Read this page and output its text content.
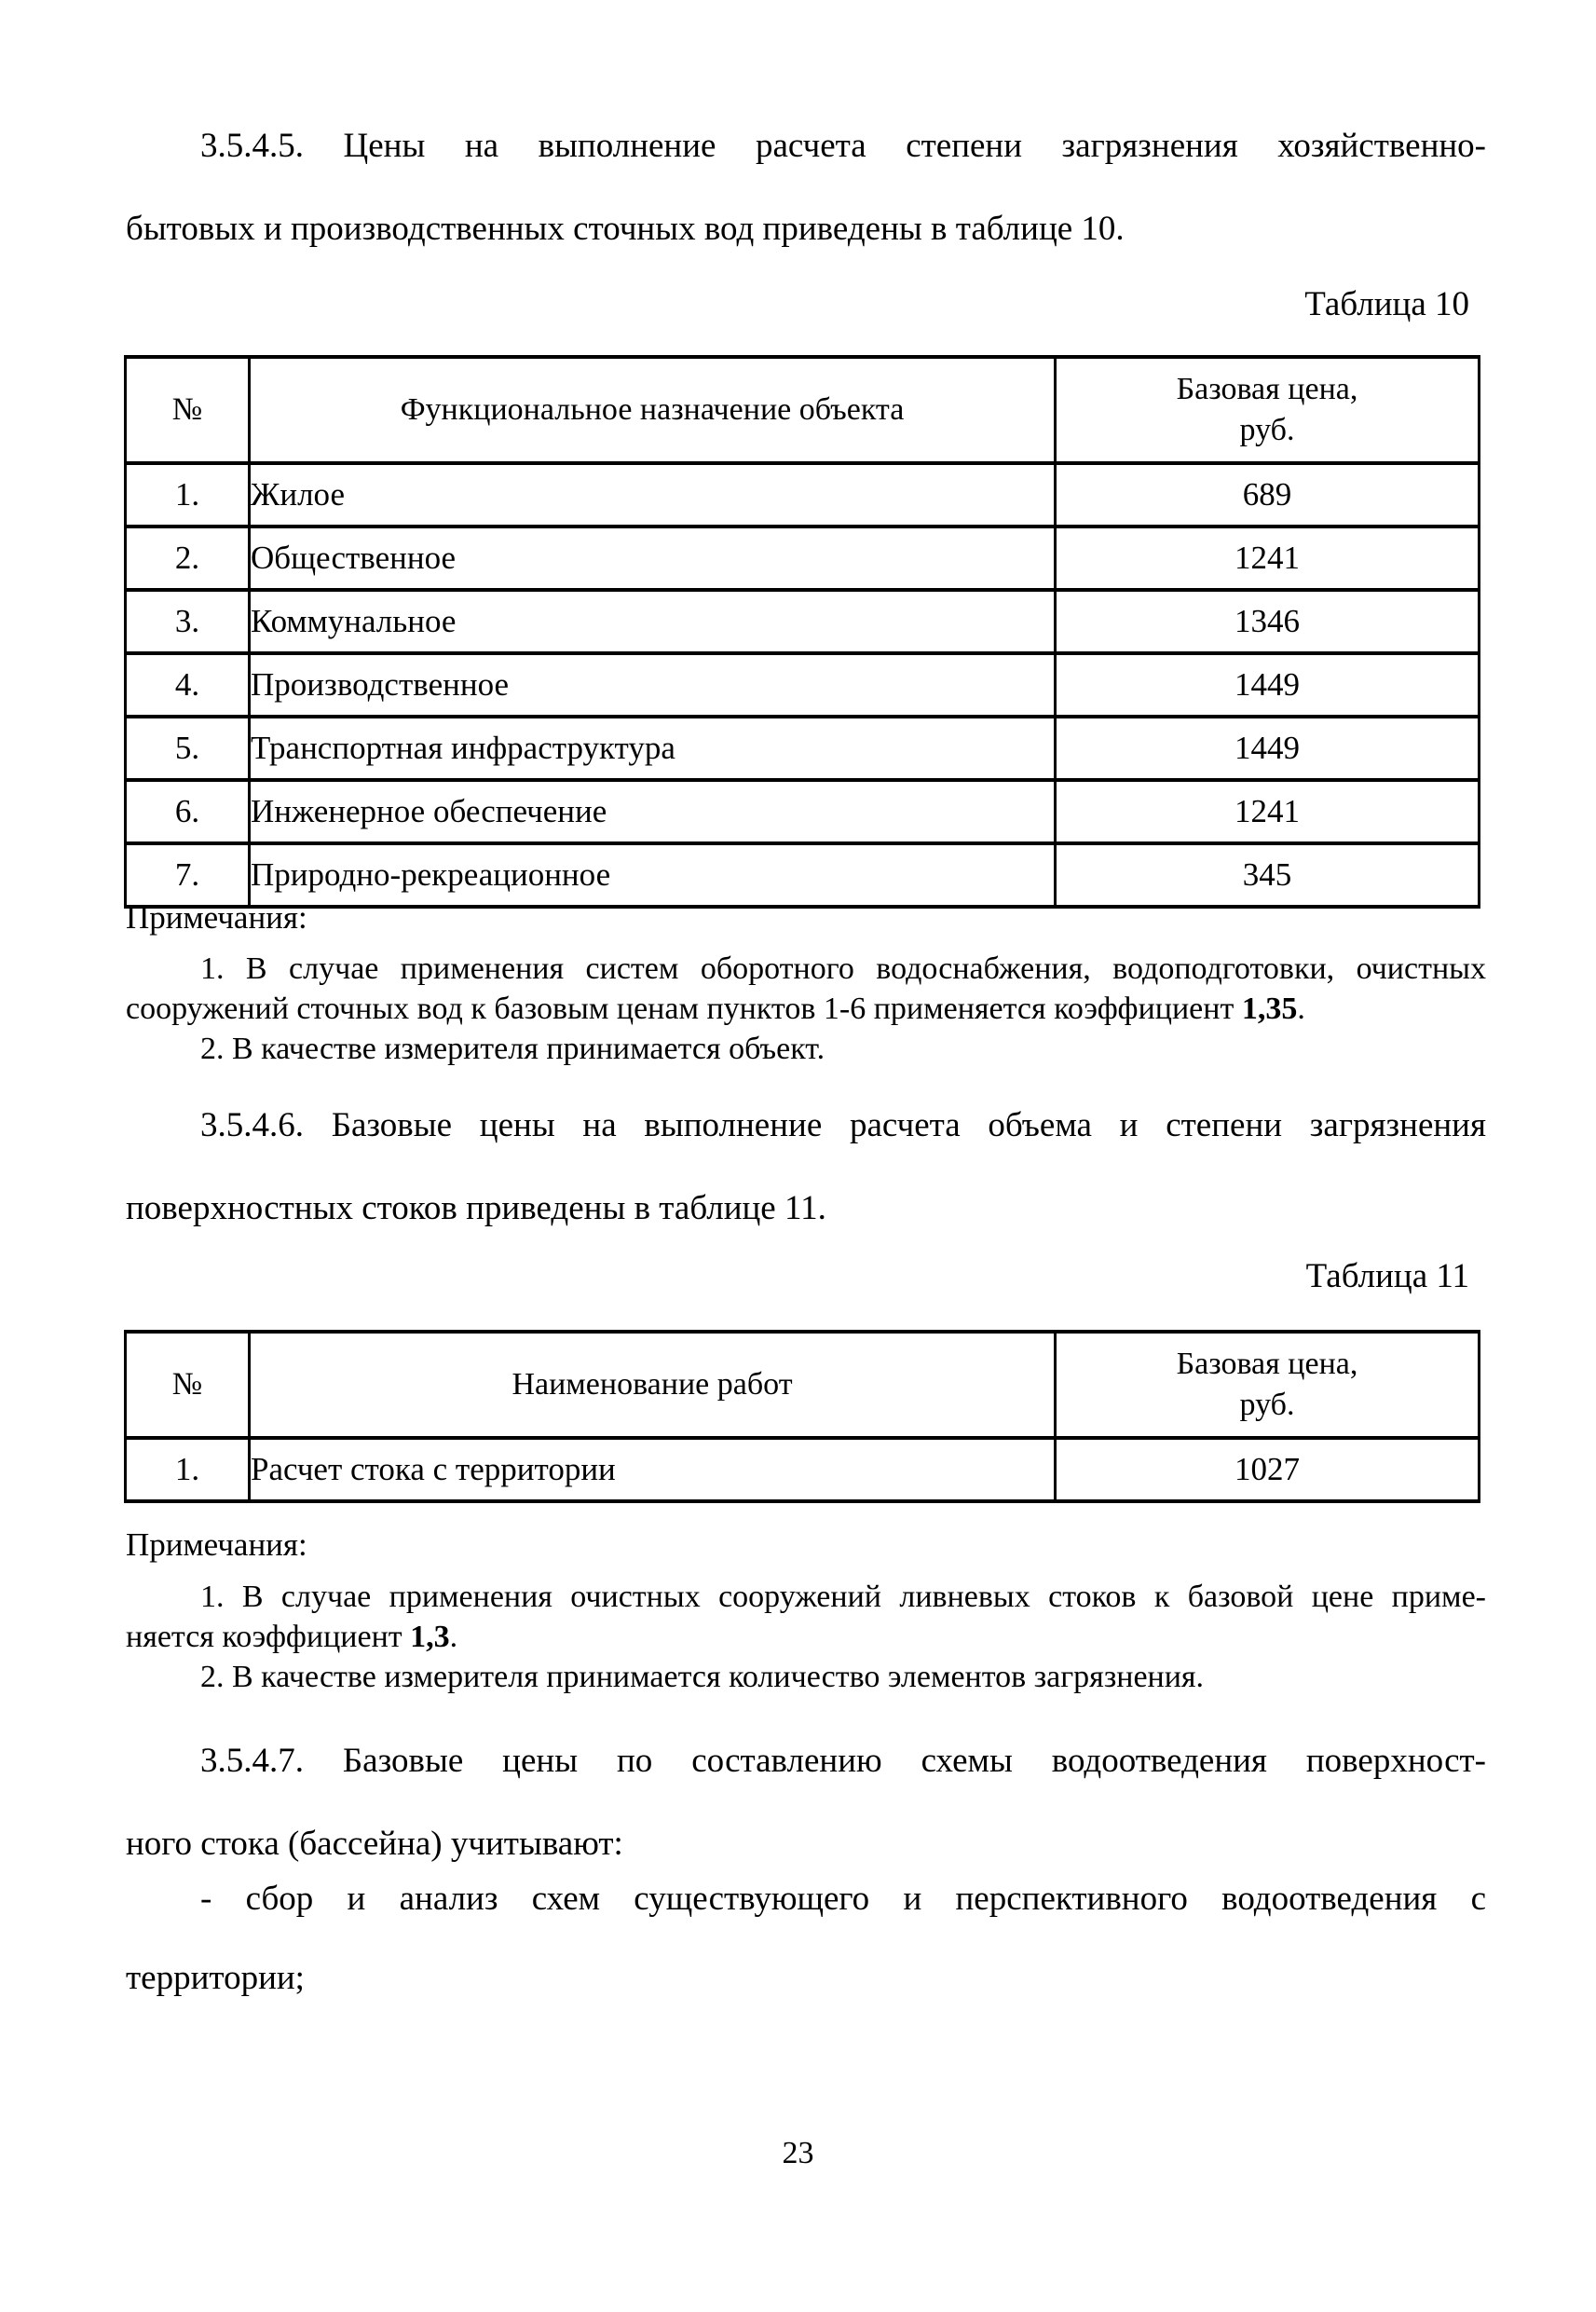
3.5.4.5. Цены на выполнение расчета степени загрязнения хозяйственно-
бытовых и производственных сточных вод приведены в таблице 10.
Таблица 10
№	Функциональное назначение объекта	Базовая цена,
руб.

1.	Жилое	689
2.	Общественное	1241
3.	Коммунальное	1346
4.	Производственное	1449
5.	Транспортная инфраструктура	1449
6.	Инженерное обеспечение	1241
7.	Природно-рекреационное	345
Примечания:
1. В случае применения систем оборотного водоснабжения, водоподготовки, очистных
сооружений сточных вод к базовым ценам пунктов 1-6 применяется коэффициент 1,35.
2. В качестве измерителя принимается объект.
3.5.4.6. Базовые цены на выполнение расчета объема и степени загрязнения
поверхностных стоков приведены в таблице 11.
Таблица 11
№	Наименование работ	Базовая цена,
руб.

1.	Расчет стока с территории	1027
Примечания:
1. В случае применения очистных сооружений ливневых стоков к базовой цене приме-
няется коэффициент 1,3.
2. В качестве измерителя принимается количество элементов загрязнения.
3.5.4.7. Базовые цены по составлению схемы водоотведения поверхност-
ного стока (бассейна) учитывают:
- сбор и анализ схем существующего и перспективного водоотведения с
территории;
23
